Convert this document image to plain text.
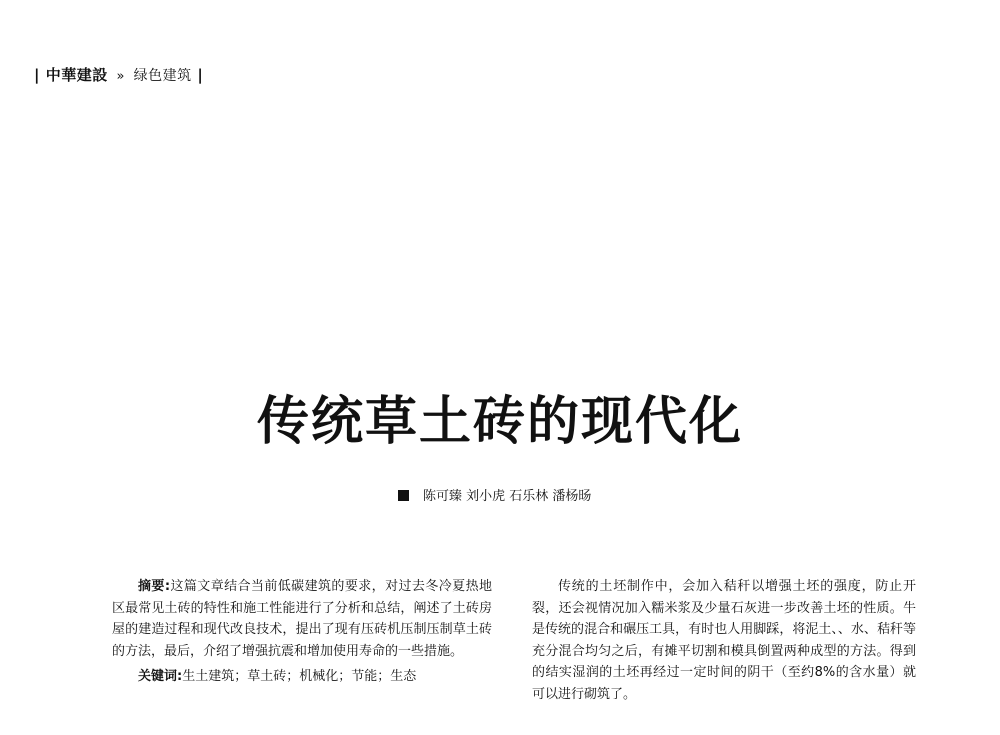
| 中華建設 » 绿色建筑 |
传统草土砖的现代化
陈可臻 刘小虎 石乐林 潘杨旸

摘要:这篇文章结合当前低碳建筑的要求，对过去冬冷夏热地区最常见土砖的特性和施工性能进行了分析和总结，阐述了土砖房屋的建造过程和现代改良技术，提出了现有压砖机压制压制草土砖的方法，最后，介绍了增强抗震和增加使用寿命的一些措施。

关键词:生土建筑；草土砖；机械化；节能；生态

传统的土坯制作中，会加入秸秆以增强土坯的强度，防止开裂，还会视情况加入糯米浆及少量石灰进一步改善土坯的性质。牛是传统的混合和碾压工具，有时也人用脚踩，将泥土、、水、秸秆等充分混合均匀之后，有摊平切割和模具倒置两种成型的方法。得到的结实湿润的土坯再经过一定时间的阴干（至约8%的含水量）就可以进行砌筑了。
